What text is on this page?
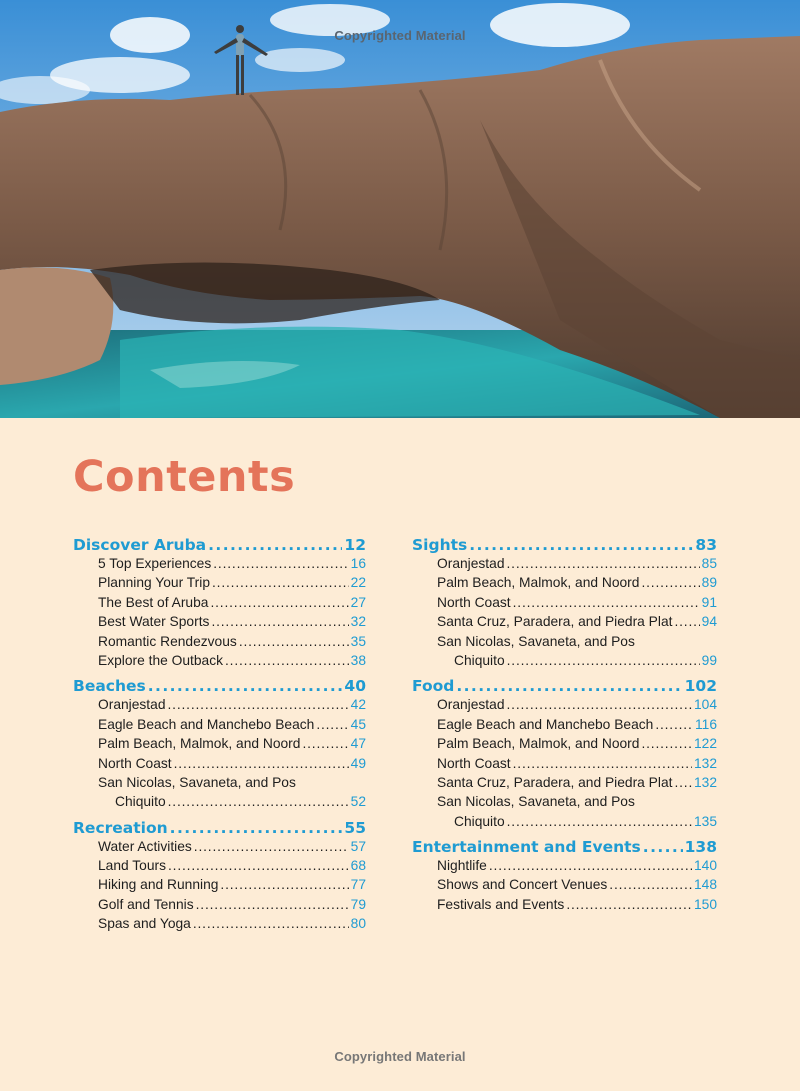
Copyrighted Material
Contents
Discover Aruba . . .	12
5 Top Experiences . . .	16
Planning Your Trip . . .	22
The Best of Aruba . . .	27
Best Water Sports . . .	32
Romantic Rendezvous . . .	35
Explore the Outback . . .	38
Beaches . . .	40
Oranjestad . . .	42
Eagle Beach and Manchebo Beach . . .	45
Palm Beach, Malmok, and Noord . . .	47
North Coast . . .	49
San Nicolas, Savaneta, and Pos
Chiquito . . .	52
Recreation . . .	55
Water Activities . . .	57
Land Tours . . .	68
Hiking and Running . . .	77
Golf and Tennis . . .	79
Spas and Yoga . . .	80
Sights . . .	83
Oranjestad . . .	85
Palm Beach, Malmok, and Noord . . .	89
North Coast . . .	91
Santa Cruz, Paradera, and Piedra Plat . . . 94
San Nicolas, Savaneta, and Pos
Chiquito . . .	99
Food . . .	102
Oranjestad . . .	104
Eagle Beach and Manchebo Beach . . .	116
Palm Beach, Malmok, and Noord . . .	122
North Coast . . .	132
Santa Cruz, Paradera, and Piedra Plat . . . 132
San Nicolas, Savaneta, and Pos
Chiquito . . .	135
Entertainment and Events . . .	138
Nightlife . . .	140
Shows and Concert Venues . . .	148
Festivals and Events . . .	150
Copyrighted Material
